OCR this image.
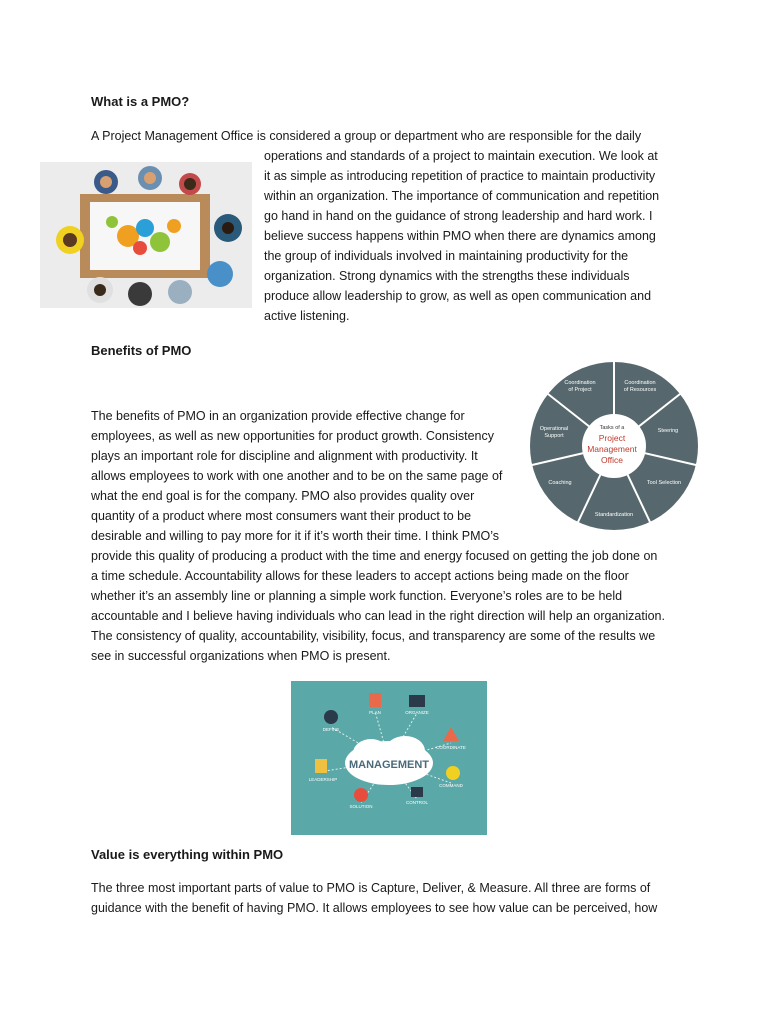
What is a PMO?
A Project Management Office is considered a group or department who are responsible for the daily
operations and standards of a project to maintain execution. We look at
it as simple as introducing repetition of practice to maintain productivity
within an organization. The importance of communication and repetition
go hand in hand on the guidance of strong leadership and hard work. I
believe success happens within PMO when there are dynamics among
the group of individuals involved in maintaining productivity for the
organization. Strong dynamics with the strengths these individuals
produce allow leadership to grow, as well as open communication and
active listening.
Benefits of PMO
The benefits of PMO in an organization provide effective change for
employees, as well as new opportunities for product growth. Consistency
plays an important role for discipline and alignment with productivity. It
allows employees to work with one another and to be on the same page of
what the end goal is for the company. PMO also provides quality over
quantity of a product where most consumers want their product to be
desirable and willing to pay more for it if it’s worth their time. I think PMO’s
provide this quality of producing a product with the time and energy focused on getting the job done on
a time schedule. Accountability allows for these leaders to accept actions being made on the floor
whether it’s an assembly line or planning a simple work function. Everyone’s roles are to be held
accountable and I believe having individuals who can lead in the right direction will help an organization.
The consistency of quality, accountability, visibility, focus, and transparency are some of the results we
see in successful organizations when PMO is present.
Tasks of a
Project
Management
Office
Coordination
of Project
Coordination
of Resources
Steering
Tool Selection
Standardization
Coaching
Operational
Support
MANAGEMENT
PLAN	ORGANIZE
COORDINATE
COMMAND
CONTROL
SOLUTION
LEADERSHIP
DEFINE
Value is everything within PMO
The three most important parts of value to PMO is Capture, Deliver, & Measure. All three are forms of
guidance with the benefit of having PMO. It allows employees to see how value can be perceived, how
